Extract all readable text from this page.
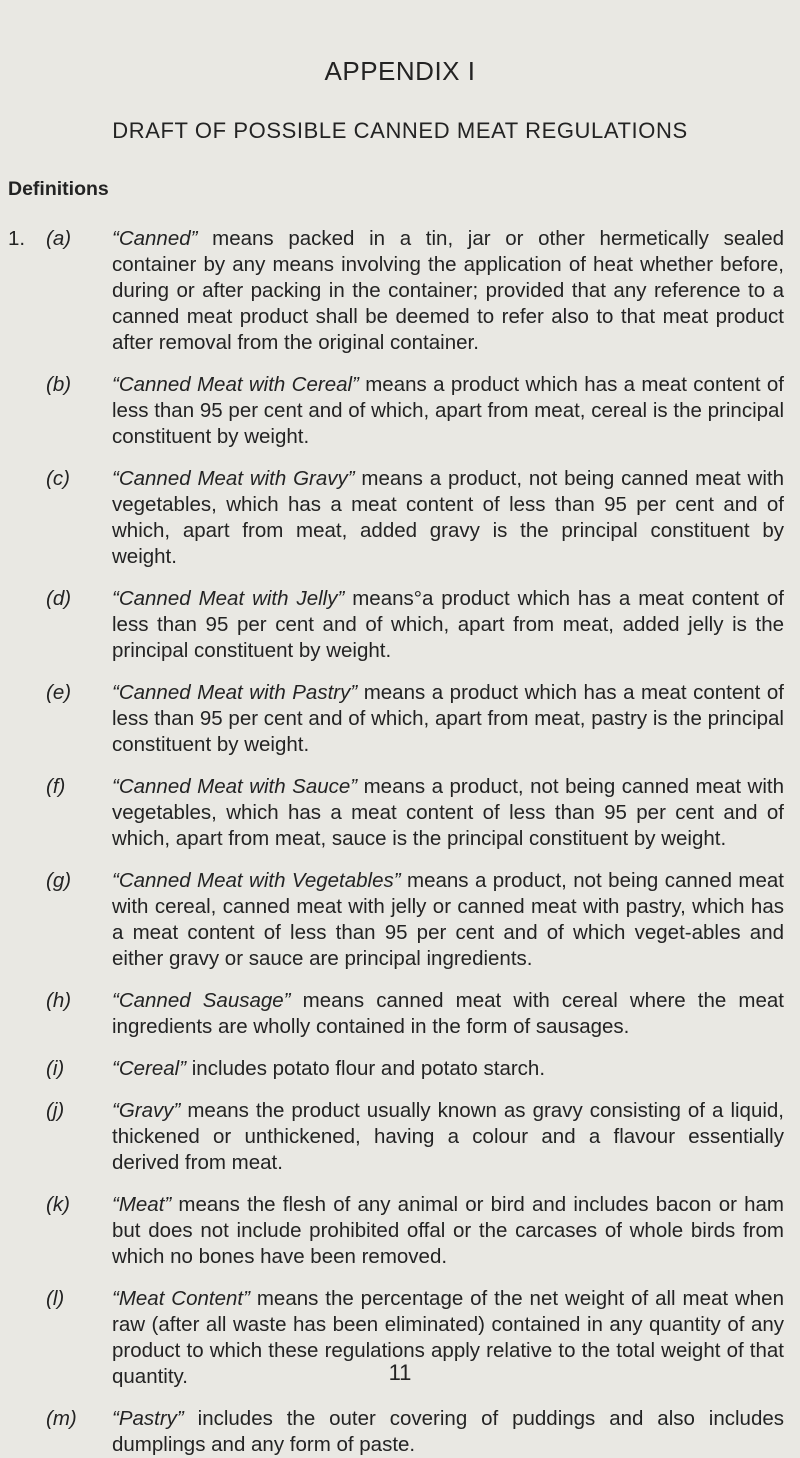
APPENDIX I
DRAFT OF POSSIBLE CANNED MEAT REGULATIONS
Definitions
1. (a) “Canned” means packed in a tin, jar or other hermetically sealed container by any means involving the application of heat whether before, during or after packing in the container; provided that any reference to a canned meat product shall be deemed to refer also to that meat product after removal from the original container.

(b) “Canned Meat with Cereal” means a product which has a meat content of less than 95 per cent and of which, apart from meat, cereal is the principal constituent by weight.

(c) “Canned Meat with Gravy” means a product, not being canned meat with vegetables, which has a meat content of less than 95 per cent and of which, apart from meat, added gravy is the principal constituent by weight.

(d) “Canned Meat with Jelly” means°a product which has a meat content of less than 95 per cent and of which, apart from meat, added jelly is the principal constituent by weight.

(e) “Canned Meat with Pastry” means a product which has a meat content of less than 95 per cent and of which, apart from meat, pastry is the principal constituent by weight.

(f) “Canned Meat with Sauce” means a product, not being canned meat with vegetables, which has a meat content of less than 95 per cent and of which, apart from meat, sauce is the principal constituent by weight.

(g) “Canned Meat with Vegetables” means a product, not being canned meat with cereal, canned meat with jelly or canned meat with pastry, which has a meat content of less than 95 per cent and of which veget-ables and either gravy or sauce are principal ingredients.

(h) “Canned Sausage” means canned meat with cereal where the meat ingredients are wholly contained in the form of sausages.

(i) “Cereal” includes potato flour and potato starch.

(j) “Gravy” means the product usually known as gravy consisting of a liquid, thickened or unthickened, having a colour and a flavour essentially derived from meat.

(k) “Meat” means the flesh of any animal or bird and includes bacon or ham but does not include prohibited offal or the carcases of whole birds from which no bones have been removed.

(l) “Meat Content” means the percentage of the net weight of all meat when raw (after all waste has been eliminated) contained in any quantity of any product to which these regulations apply relative to the total weight of that quantity.

(m) “Pastry” includes the outer covering of puddings and also includes dumplings and any form of paste.

11
